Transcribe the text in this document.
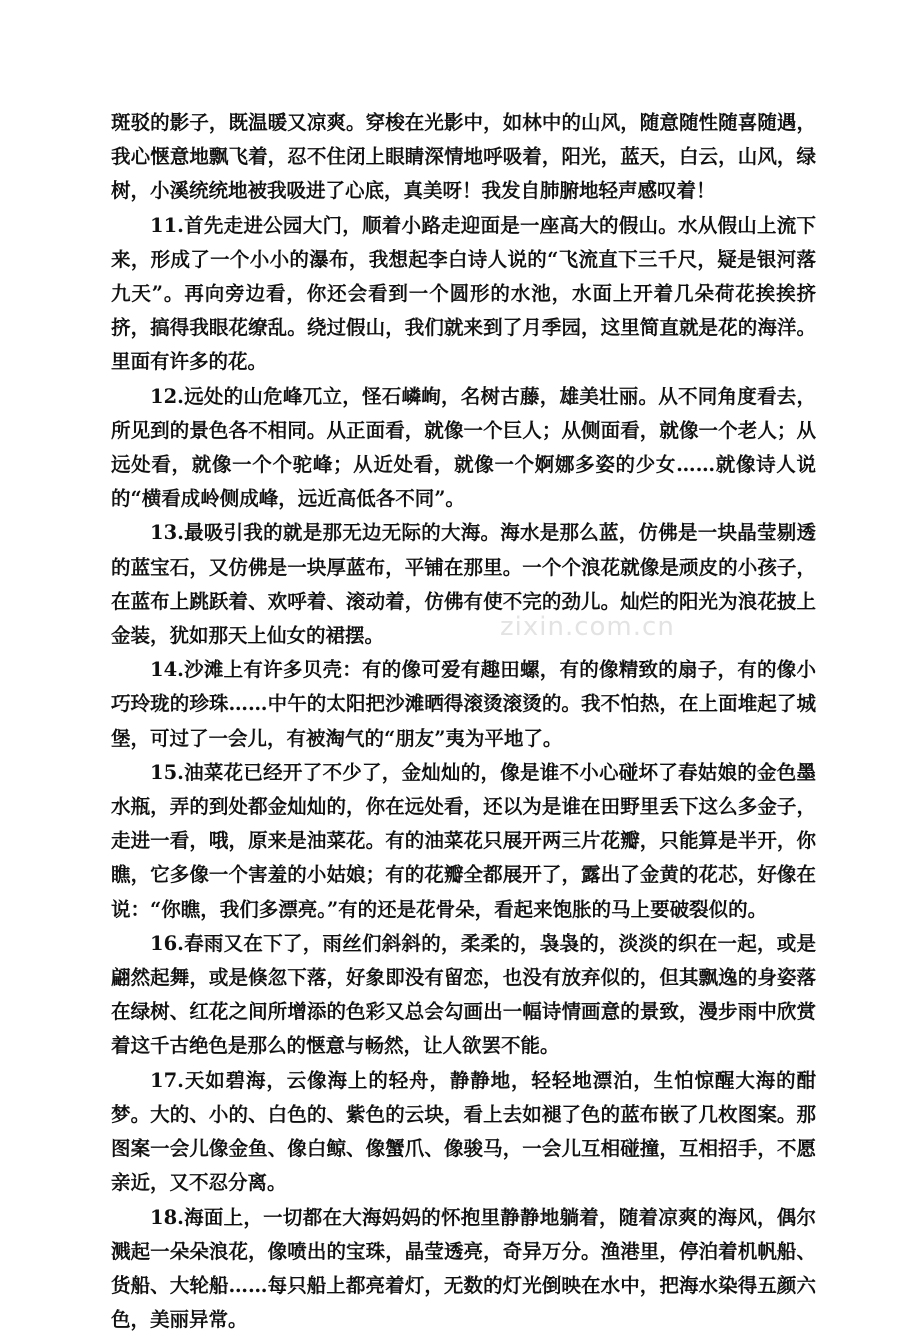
斑驳的影子，既温暖又凉爽。穿梭在光影中，如林中的山风，随意随性随喜随遇，我心惬意地飘飞着，忍不住闭上眼睛深情地呼吸着，阳光，蓝天，白云，山风，绿树，小溪统统地被我吸进了心底，真美呀！我发自肺腑地轻声感叹着！

11.首先走进公园大门，顺着小路走迎面是一座高大的假山。水从假山上流下来，形成了一个小小的瀑布，我想起李白诗人说的“飞流直下三千尺，疑是银河落九天”。再向旁边看，你还会看到一个圆形的水池，水面上开着几朵荷花挨挨挤挤，搞得我眼花缭乱。绕过假山，我们就来到了月季园，这里简直就是花的海洋。里面有许多的花。

12.远处的山危峰兀立，怪石嶙峋，名树古藤，雄美壮丽。从不同角度看去，所见到的景色各不相同。从正面看，就像一个巨人；从侧面看，就像一个老人；从远处看，就像一个个驼峰；从近处看，就像一个婀娜多姿的少女……就像诗人说的“横看成岭侧成峰，远近高低各不同”。

13.最吸引我的就是那无边无际的大海。海水是那么蓝，仿佛是一块晶莹剔透的蓝宝石，又仿佛是一块厚蓝布，平铺在那里。一个个浪花就像是顽皮的小孩子，在蓝布上跳跃着、欢呼着、滚动着，仿佛有使不完的劲儿。灿烂的阳光为浪花披上金装，犹如那天上仙女的裙摆。

14.沙滩上有许多贝壳：有的像可爱有趣田螺，有的像精致的扇子，有的像小巧玲珑的珍珠……中午的太阳把沙滩晒得滚烫滚烫的。我不怕热，在上面堆起了城堡，可过了一会儿，有被淘气的“朋友”夷为平地了。

15.油菜花已经开了不少了，金灿灿的，像是谁不小心碰坏了春姑娘的金色墨水瓶，弄的到处都金灿灿的，你在远处看，还以为是谁在田野里丢下这么多金子，走进一看，哦，原来是油菜花。有的油菜花只展开两三片花瓣，只能算是半开，你瞧，它多像一个害羞的小姑娘；有的花瓣全都展开了，露出了金黄的花芯，好像在说：“你瞧，我们多漂亮。”有的还是花骨朵，看起来饱胀的马上要破裂似的。

16.春雨又在下了，雨丝们斜斜的，柔柔的，袅袅的，淡淡的织在一起，或是翩然起舞，或是倏忽下落，好象即没有留恋，也没有放弃似的，但其飘逸的身姿落在绿树、红花之间所增添的色彩又总会勾画出一幅诗情画意的景致，漫步雨中欣赏着这千古绝色是那么的惬意与畅然，让人欲罢不能。

17.天如碧海，云像海上的轻舟，静静地，轻轻地漂泊，生怕惊醒大海的酣梦。大的、小的、白色的、紫色的云块，看上去如褪了色的蓝布嵌了几枚图案。那图案一会儿像金鱼、像白鲸、像蟹爪、像骏马，一会儿互相碰撞，互相招手，不愿亲近，又不忍分离。

18.海面上，一切都在大海妈妈的怀抱里静静地躺着，随着凉爽的海风，偶尔溅起一朵朵浪花，像喷出的宝珠，晶莹透亮，奇异万分。渔港里，停泊着机帆船、货船、大轮船……每只船上都亮着灯，无数的灯光倒映在水中，把海水染得五颜六色，美丽异常。

zixin.com.cn
